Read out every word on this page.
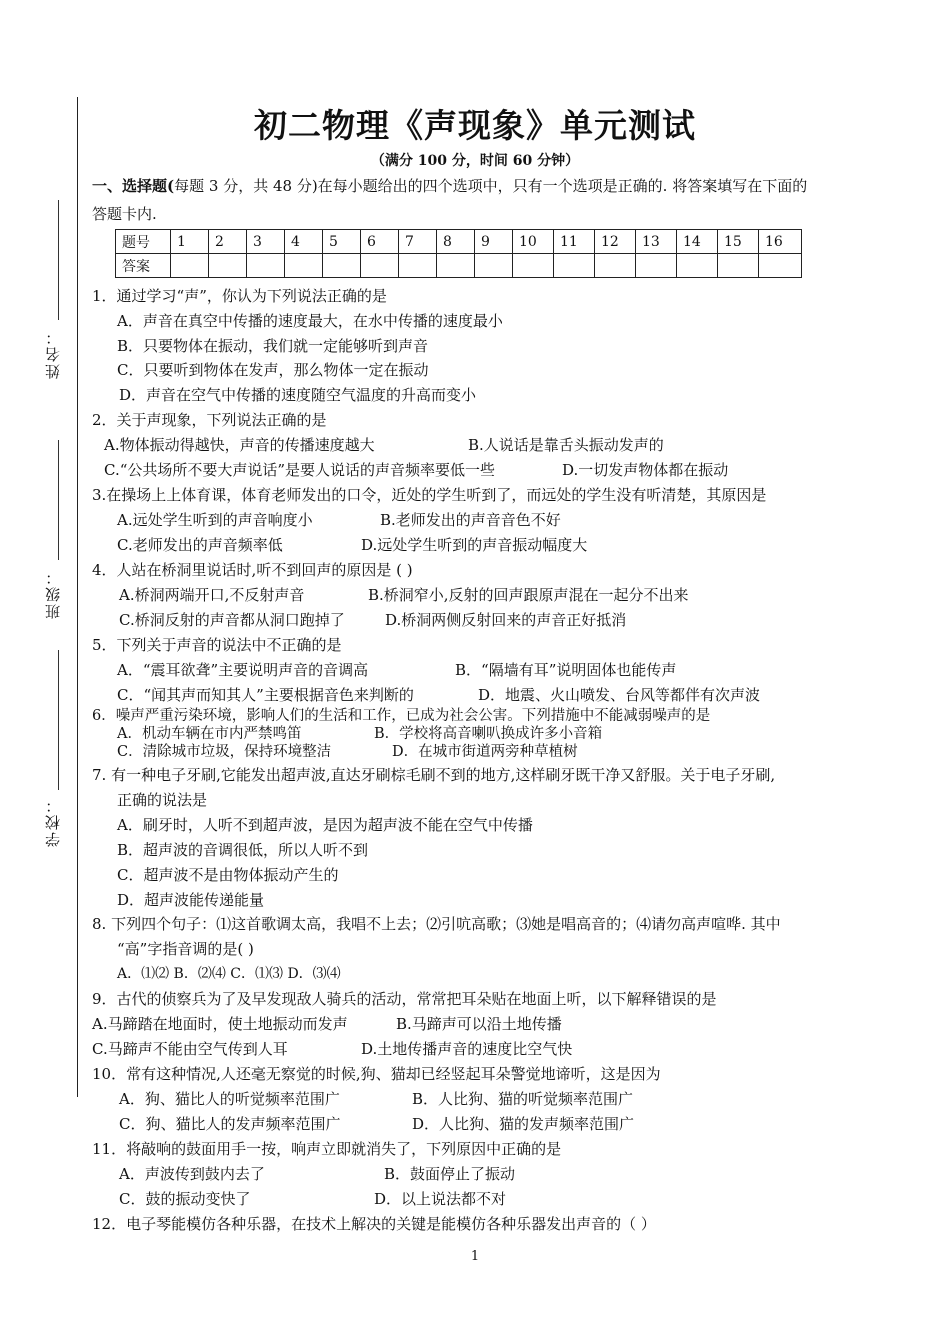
姓名：
班级：
学校：
初二物理《声现象》单元测试
（满分 100 分，时间 60 分钟）
一、选择题(每题 3 分，共 48 分)在每小题给出的四个选项中，只有一个选项是正确的. 将答案填写在下面的
答题卡内.
题号	1	2	3	4	5	6	7	8	9	10	11	12	13	14	15	16
答案																
1．通过学习“声”，你认为下列说法正确的是
A．声音在真空中传播的速度最大，在水中传播的速度最小
B．只要物体在振动，我们就一定能够听到声音
C．只要听到物体在发声，那么物体一定在振动
D．声音在空气中传播的速度随空气温度的升高而变小
2．关于声现象，下列说法正确的是
A.物体振动得越快，声音的传播速度越大	B.人说话是靠舌头振动发声的
C.“公共场所不要大声说话”是要人说话的声音频率要低一些	D.一切发声物体都在振动
3.在操场上上体育课，体育老师发出的口令，近处的学生听到了，而远处的学生没有听清楚，其原因是
A.远处学生听到的声音响度小	B.老师发出的声音音色不好
C.老师发出的声音频率低	D.远处学生听到的声音振动幅度大
4．人站在桥洞里说话时,听不到回声的原因是 ( )
A.桥洞两端开口,不反射声音	B.桥洞窄小,反射的回声跟原声混在一起分不出来
C.桥洞反射的声音都从洞口跑掉了	D.桥洞两侧反射回来的声音正好抵消
5．下列关于声音的说法中不正确的是
A．“震耳欲聋”主要说明声音的音调高	B．“隔墙有耳”说明固体也能传声
C．“闻其声而知其人”主要根据音色来判断的	D．地震、火山喷发、台风等都伴有次声波
6．噪声严重污染环境，影响人们的生活和工作，已成为社会公害。下列措施中不能减弱噪声的是
A．机动车辆在市内严禁鸣笛	B．学校将高音喇叭换成许多小音箱
C．清除城市垃圾，保持环境整洁	D．在城市街道两旁种草植树
7. 有一种电子牙刷,它能发出超声波,直达牙刷棕毛刷不到的地方,这样刷牙既干净又舒服。关于电子牙刷,
正确的说法是
A．刷牙时，人听不到超声波，是因为超声波不能在空气中传播
B．超声波的音调很低，所以人听不到
C．超声波不是由物体振动产生的
D．超声波能传递能量
8. 下列四个句子：⑴这首歌调太高，我唱不上去；⑵引吭高歌；⑶她是唱高音的；⑷请勿高声喧哗. 其中
“高”字指音调的是( )
A．⑴⑵ B．⑵⑷ C．⑴⑶ D．⑶⑷
9．古代的侦察兵为了及早发现敌人骑兵的活动，常常把耳朵贴在地面上听，以下解释错误的是
A.马蹄踏在地面时，使土地振动而发声	B.马蹄声可以沿土地传播
C.马蹄声不能由空气传到人耳	D.土地传播声音的速度比空气快
10．常有这种情况,人还毫无察觉的时候,狗、猫却已经竖起耳朵警觉地谛听，这是因为
A．狗、猫比人的听觉频率范围广	B．人比狗、猫的听觉频率范围广
C．狗、猫比人的发声频率范围广	D．人比狗、猫的发声频率范围广
11．将敲响的鼓面用手一按，响声立即就消失了，下列原因中正确的是
A．声波传到鼓内去了	B．鼓面停止了振动
C．鼓的振动变快了	D．以上说法都不对
12．电子琴能模仿各种乐器，在技术上解决的关键是能模仿各种乐器发出声音的（ ）
1
